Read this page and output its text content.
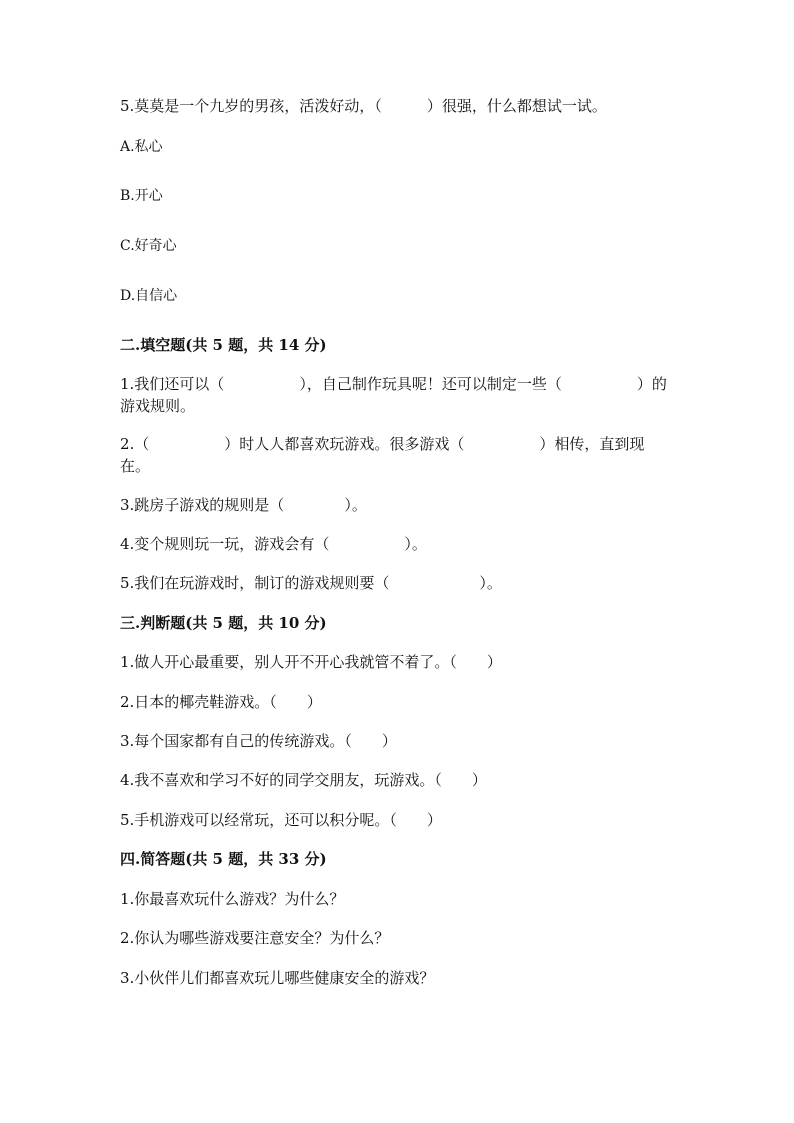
5.莫莫是一个九岁的男孩，活泼好动，（　　　）很强，什么都想试一试。
A.私心
B.开心
C.好奇心
D.自信心
二.填空题(共 5 题，共 14 分)
1.我们还可以（　　　　　），自己制作玩具呢！还可以制定一些（　　　　　）的游戏规则。
2.（　　　　　）时人人都喜欢玩游戏。很多游戏（　　　　　）相传，直到现在。
3.跳房子游戏的规则是（　　　　）。
4.变个规则玩一玩，游戏会有（　　　　　）。
5.我们在玩游戏时，制订的游戏规则要（　　　　　　）。
三.判断题(共 5 题，共 10 分)
1.做人开心最重要，别人开不开心我就管不着了。（　　）
2.日本的椰壳鞋游戏。（　　）
3.每个国家都有自己的传统游戏。（　　）
4.我不喜欢和学习不好的同学交朋友，玩游戏。（　　）
5.手机游戏可以经常玩，还可以积分呢。（　　）
四.简答题(共 5 题，共 33 分)
1.你最喜欢玩什么游戏？为什么？
2.你认为哪些游戏要注意安全？为什么？
3.小伙伴儿们都喜欢玩儿哪些健康安全的游戏？
